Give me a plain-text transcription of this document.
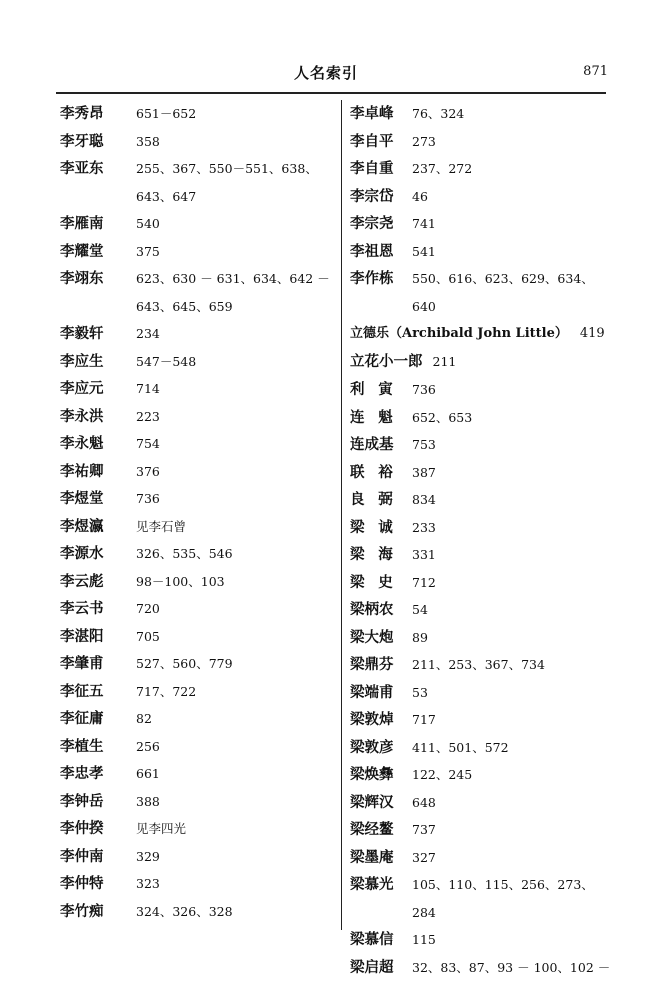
人名索引	871
李秀昂	651－652
李牙聪	358
李亚东	255、367、550－551、638、643、647
李雁南	540
李耀堂	375
李翊东	623、630 － 631、634、642 －643、645、659
李毅轩	234
李应生	547－548
李应元	714
李永洪	223
李永魁	754
李祐卿	376
李煜堂	736
李煜瀛	见李石曾
李源水	326、535、546
李云彪	98－100、103
李云书	720
李湛阳	705
李肇甫	527、560、779
李征五	717、722
李征庸	82
李植生	256
李忠孝	661
李钟岳	388
李仲揆	见李四光
李仲南	329
李仲特	323
李竹痴	324、326、328
李卓峰	76、324
李自平	273
李自重	237、272
李宗岱	46
李宗尧	741
李祖恩	541
李作栋	550、616、623、629、634、640
立德乐（Archibald John Little） 419
立花小一郎 211
利寅 736
连魁 652、653
连成基	753
联裕 387
良弼 834
梁诚 233
梁海 331
梁史 712
梁柄农	54
梁大炮	89
梁鼎芬	211、253、367、734
梁端甫	53
梁敦焯	717
梁敦彦	411、501、572
梁焕彝	122、245
梁辉汉	648
梁经鳌	737
梁墨庵	327
梁慕光	105、110、115、256、273、284
梁慕信	115
梁启超	32、83、87、93 － 100、102 －
